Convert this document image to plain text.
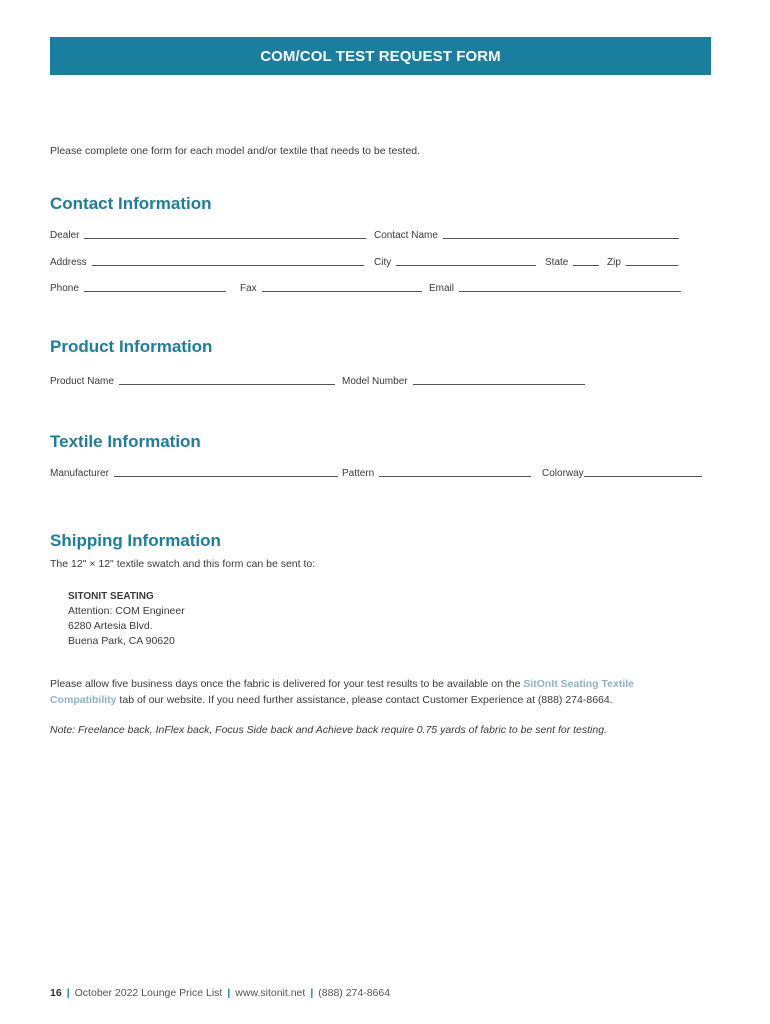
COM/COL TEST REQUEST FORM
Please complete one form for each model and/or textile that needs to be tested.
Contact Information
Dealer	Contact Name
Address	City	State	Zip
Phone	Fax	Email
Product Information
Product Name	Model Number
Textile Information
Manufacturer	Pattern	Colorway
Shipping Information
The 12" × 12" textile swatch and this form can be sent to:
SITONIT SEATING
Attention: COM Engineer
6280 Artesia Blvd.
Buena Park, CA 90620
Please allow five business days once the fabric is delivered for your test results to be available on the SitOnIt Seating Textile Compatibility tab of our website. If you need further assistance, please contact Customer Experience at (888) 274-8664.
Note: Freelance back, InFlex back, Focus Side back and Achieve back require 0.75 yards of fabric to be sent for testing.
16 | October 2022 Lounge Price List | www.sitonit.net | (888) 274-8664
